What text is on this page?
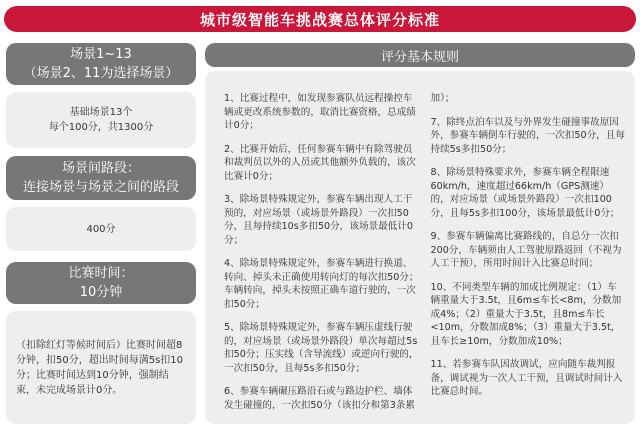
城市级智能车挑战赛总体评分标准
场景1~13
（场景2、11为选择场景）
基础场景13个
每个100分，共1300分
场景间路段：
连接场景与场景之间的路段
400分
比赛时间：
10分钟
（扣除红灯等候时间后）比赛时间超8分钟，扣50分，超出时间每满5s扣10分；比赛时间达到10分钟，强制结束，未完成场景计0分。
评分基本规则

1、比赛过程中，如发现参赛队员远程操控车辆或更改系统参数的，取消比赛资格，总成绩计0分；

2、比赛开始后，任何参赛车辆中有除驾驶员和裁判员以外的人员或其他额外负载的，该次比赛计0分；

3、除场景特殊规定外，参赛车辆出现人工干预的，对应场景（或场景外路段）一次扣50分，且每持续10s多扣50分，该场景最低计0分；

4、除场景特殊规定外，参赛车辆进行换道、转向、掉头未正确使用转向灯的每次扣50分；车辆转向，掉头未按照正确车道行驶的，一次扣50分；

5、除场景特殊规定外，参赛车辆压虚线行驶的，对应场景（或场景外路段）单次每超过5s扣50分；压实线（含导流线）或逆向行驶的，一次扣50分，且每5s多扣50分；

6、参赛车辆碾压路沿石或与路边护栏、墙体发生碰撞的，一次扣50分（该扣分和第3条累

加）；

7、除终点泊车以及与外界发生碰撞事故原因外，参赛车辆倒车行驶的，一次扣50分，且每持续5s多扣50分；

8、除场景特殊要求外，参赛车辆全程限速60km/h，速度超过66km/h（GPS测速）的，对应场景（或场景外路段）一次扣100分，且每5s多扣100分，该场景最低计0分；

9、参赛车辆偏离比赛路线的，自总分一次扣200分，车辆须由人工驾驶原路返回（不视为人工干预），所用时间计入比赛总时间；

10、不同类型车辆的加成比例规定：（1）车辆重量大于3.5t，且6m≤车长<8m，分数加成4%；（2）重量大于3.5t，且8m≤车长<10m，分数加成8%；（3）重量大于3.5t，且车长≥10m，分数加成10%；

11、若参赛车队因故调试，应向随车裁判报备，调试视为一次人工干预，且调试时间计入比赛总时间。
